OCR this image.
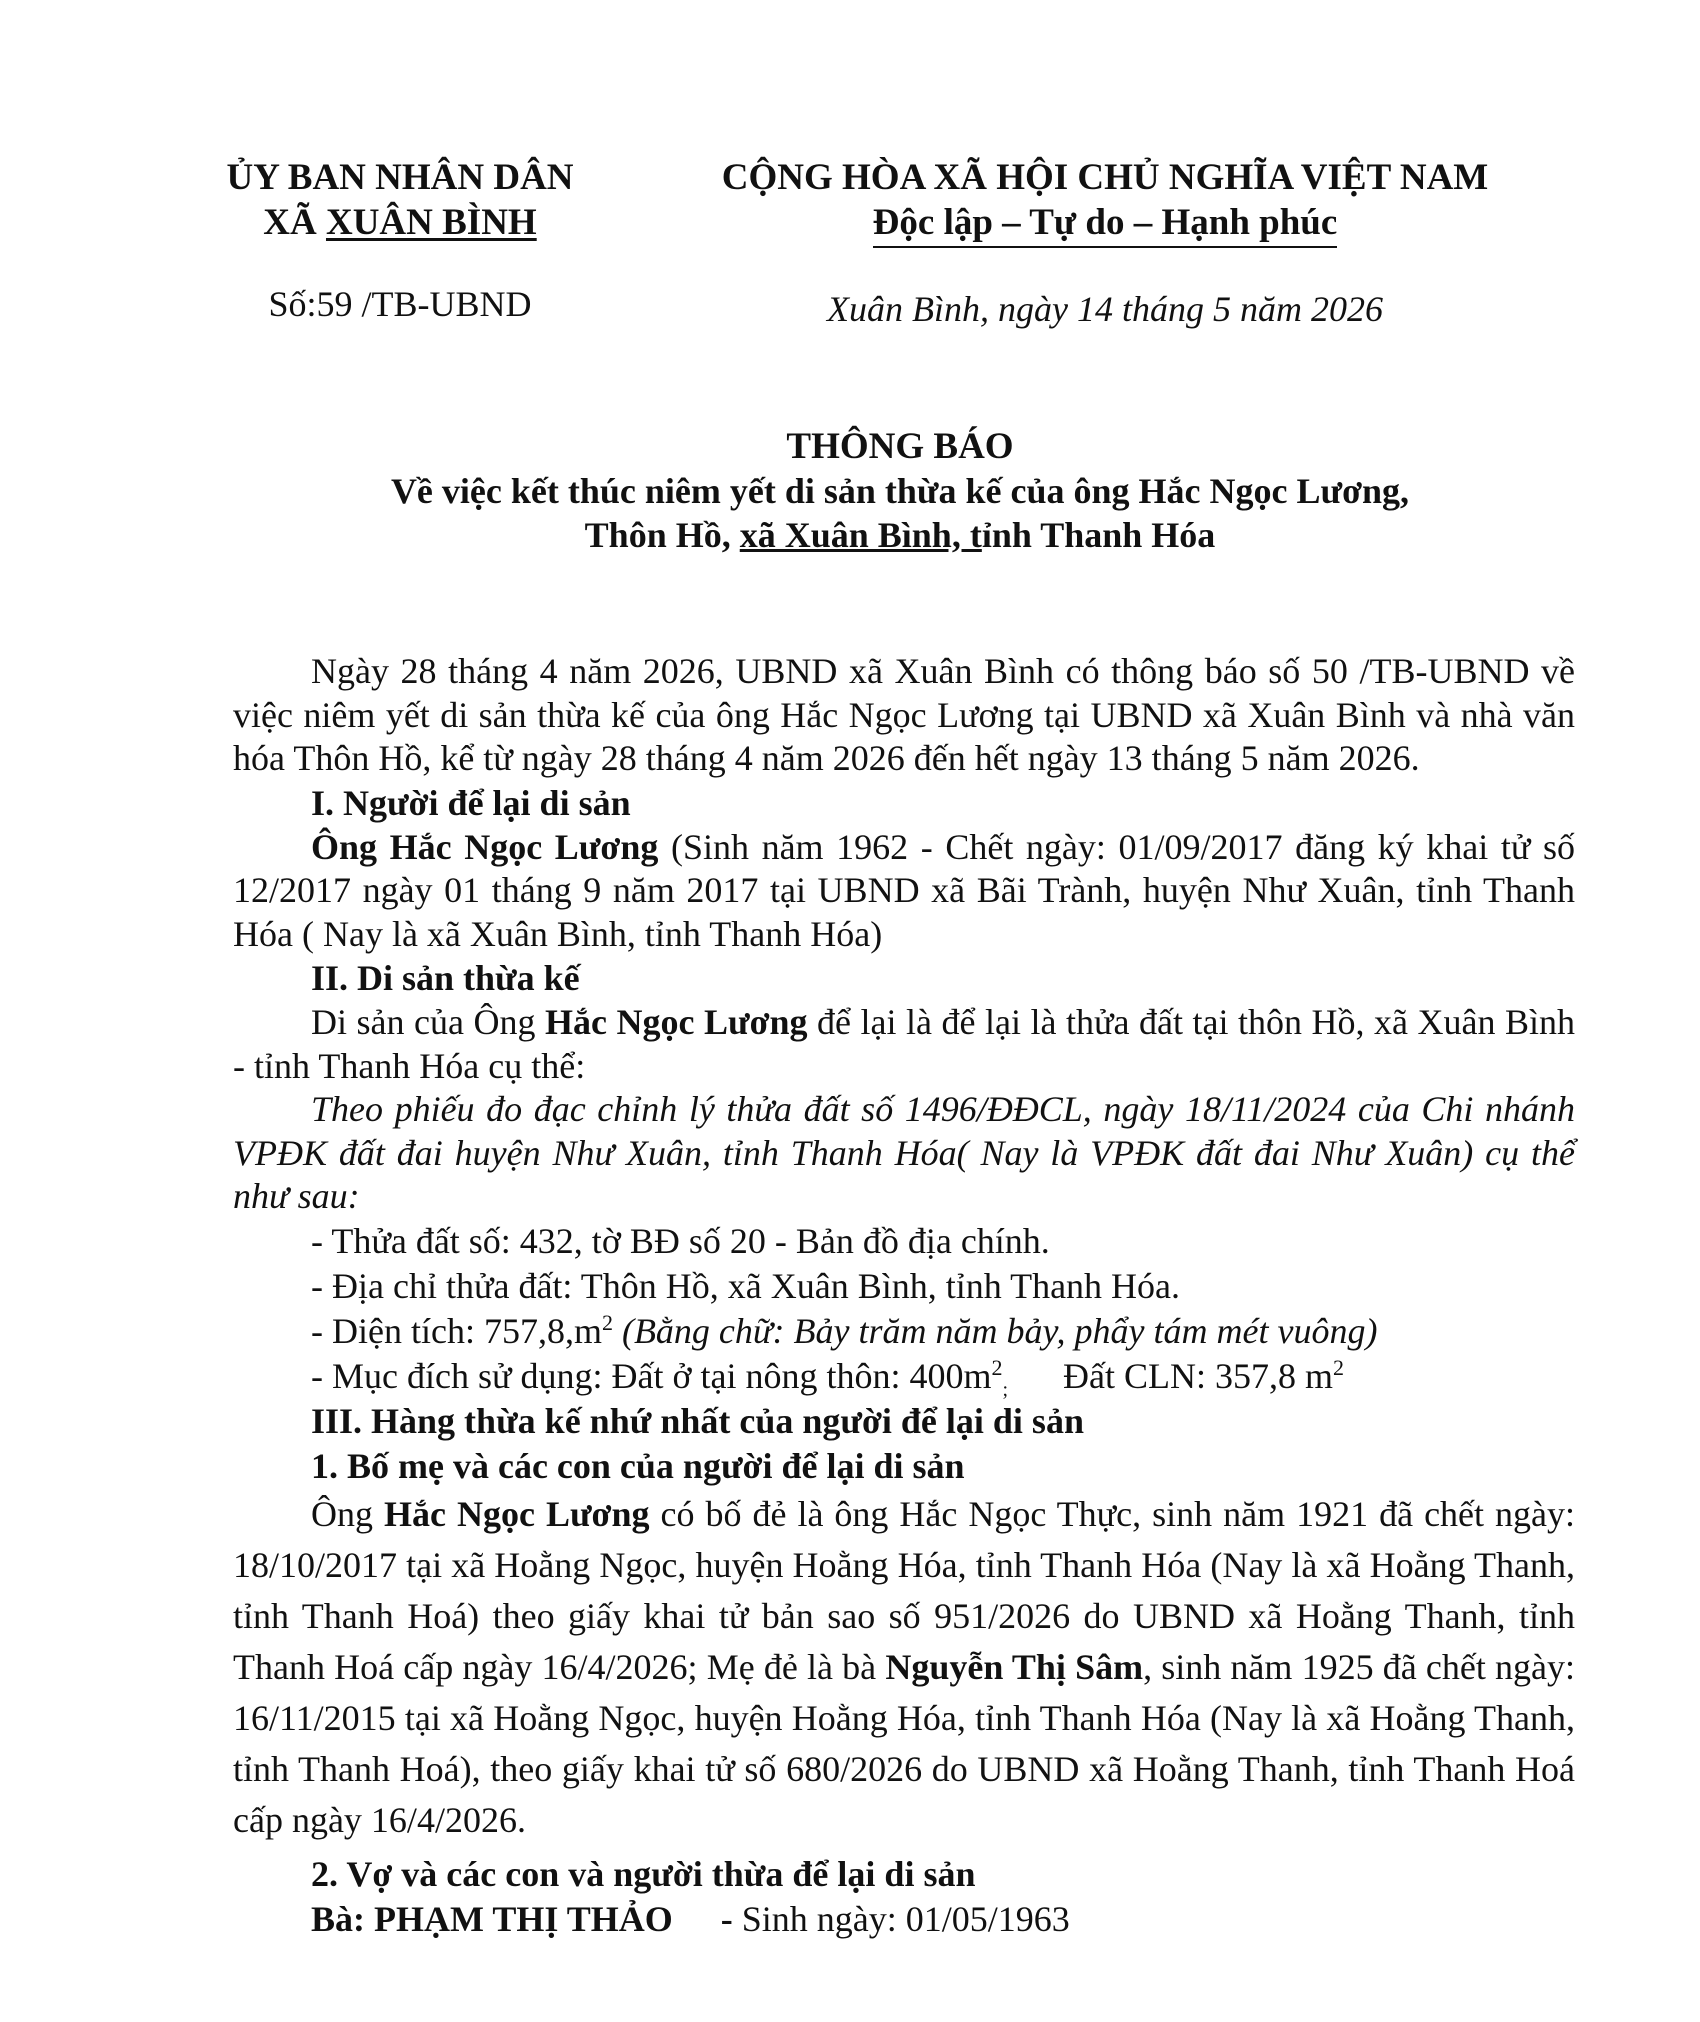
ỦY BAN NHÂN DÂN
XÃ XUÂN BÌNH
CỘNG HÒA XÃ HỘI CHỦ NGHĨA VIỆT NAM
Độc lập – Tự do – Hạnh phúc
Số:59 /TB-UBND	Xuân Bình, ngày 14 tháng 5 năm 2026
THÔNG BÁO
Về việc kết thúc niêm yết di sản thừa kế của ông Hắc Ngọc Lương,
Thôn Hồ, xã Xuân Bình, tỉnh Thanh Hóa

Ngày 28 tháng 4 năm 2026, UBND xã Xuân Bình có thông báo số 50 /TB-UBND về việc niêm yết di sản thừa kế của ông Hắc Ngọc Lương tại UBND xã Xuân Bình và nhà văn hóa Thôn Hồ, kể từ ngày 28 tháng 4 năm 2026 đến hết ngày 13 tháng 5 năm 2026.

I. Người để lại di sản

Ông Hắc Ngọc Lương (Sinh năm 1962 - Chết ngày: 01/09/2017 đăng ký khai tử số 12/2017 ngày 01 tháng 9 năm 2017 tại UBND xã Bãi Trành, huyện Như Xuân, tỉnh Thanh Hóa ( Nay là xã Xuân Bình, tỉnh Thanh Hóa)

II. Di sản thừa kế

Di sản của Ông Hắc Ngọc Lương để lại là để lại là thửa đất tại thôn Hồ, xã Xuân Bình - tỉnh Thanh Hóa cụ thể:

Theo phiếu đo đạc chỉnh lý thửa đất số 1496/ĐĐCL, ngày 18/11/2024 của Chi nhánh VPĐK đất đai huyện Như Xuân, tỉnh Thanh Hóa( Nay là VPĐK đất đai Như Xuân) cụ thể như sau:

- Thửa đất số: 432, tờ BĐ số 20 - Bản đồ địa chính.

- Địa chỉ thửa đất: Thôn Hồ, xã Xuân Bình, tỉnh Thanh Hóa.

- Diện tích: $757,8,m^2$ (Bằng chữ: Bảy trăm năm bảy, phẩy tám mét vuông)

- Mục đích sử dụng: Đất ở tại nông thôn: $400m^2_;$ Đất CLN: 357,8 $m^2$

III. Hàng thừa kế nhứ nhất của người để lại di sản

1. Bố mẹ và các con của người để lại di sản

Ông Hắc Ngọc Lương có bố đẻ là ông Hắc Ngọc Thực, sinh năm 1921 đã chết ngày: 18/10/2017 tại xã Hoằng Ngọc, huyện Hoằng Hóa, tỉnh Thanh Hóa (Nay là xã Hoằng Thanh, tỉnh Thanh Hoá) theo giấy khai tử bản sao số 951/2026 do UBND xã Hoằng Thanh, tỉnh Thanh Hoá cấp ngày 16/4/2026; Mẹ đẻ là bà Nguyễn Thị Sâm, sinh năm 1925 đã chết ngày: 16/11/2015 tại xã Hoằng Ngọc, huyện Hoằng Hóa, tỉnh Thanh Hóa (Nay là xã Hoằng Thanh, tỉnh Thanh Hoá), theo giấy khai tử số 680/2026 do UBND xã Hoằng Thanh, tỉnh Thanh Hoá cấp ngày 16/4/2026.

2. Vợ và các con và người thừa để lại di sản

Bà: PHẠM THỊ THẢO - Sinh ngày: 01/05/1963
